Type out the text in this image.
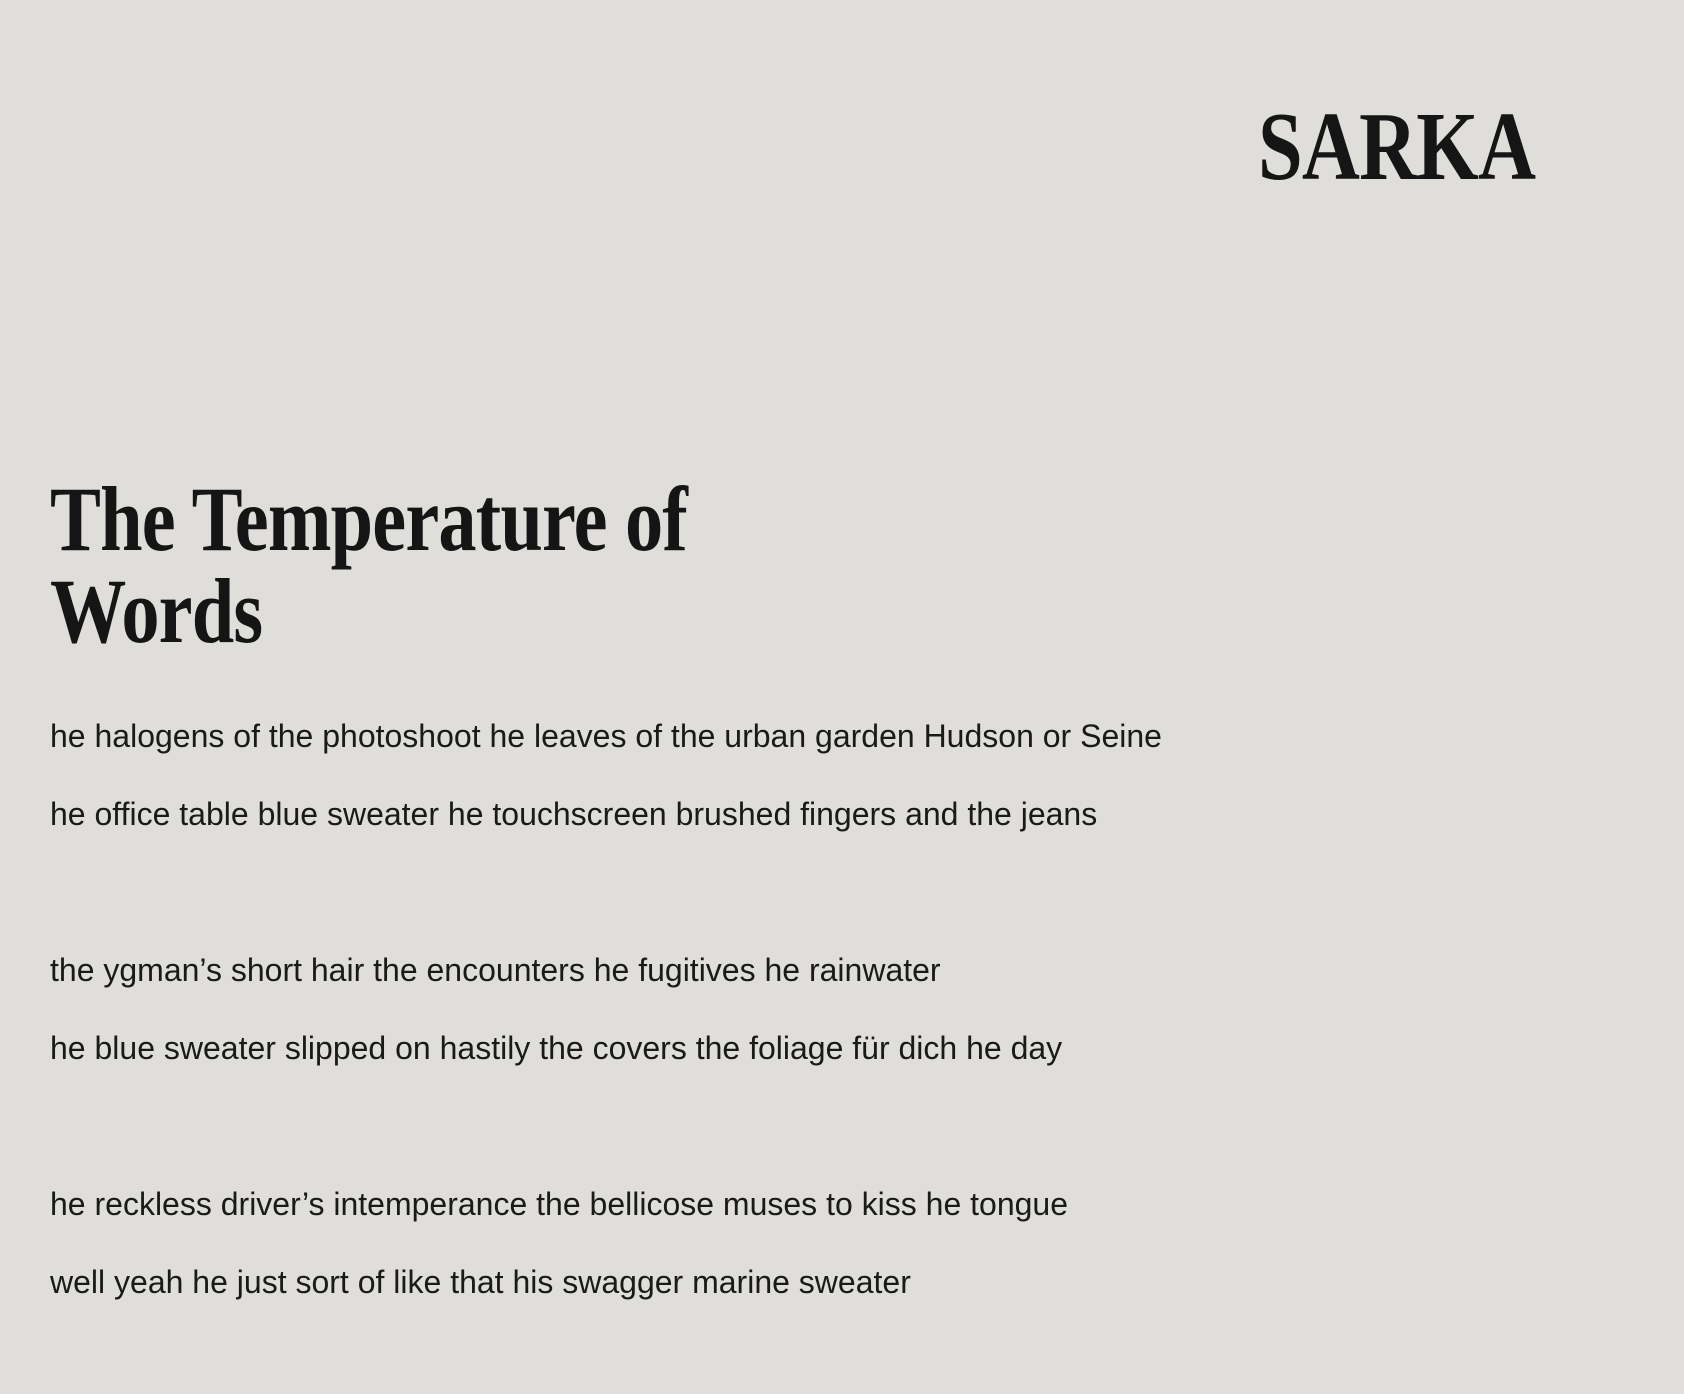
SARKA
The Temperature of Words

he halogens of the photoshoot he leaves of the urban garden Hudson or Seine

he office table blue sweater he touchscreen brushed fingers and the jeans

the ygman’s short hair the encounters he fugitives he rainwater

he blue sweater slipped on hastily the covers the foliage für dich he day

he reckless driver’s intemperance the bellicose muses to kiss he tongue

well yeah he just sort of like that his swagger marine sweater
